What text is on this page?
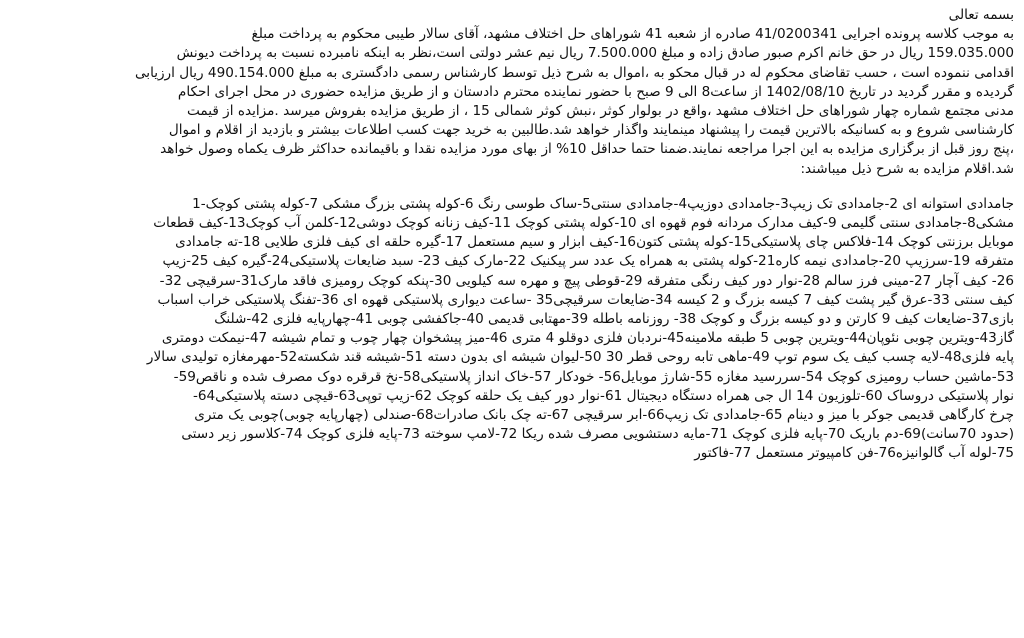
بسمه تعالی
به موجب کلاسه پرونده اجرایی 41/0200341 صادره از شعبه 41 شوراهای حل اختلاف مشهد، آقای سالار طیبی محکوم به پرداخت مبلغ
159.035.000 ریال در حق خانم اکرم صبور صادق زاده و مبلغ 7.500.000 ریال نیم عشر دولتی است،نظر به اینکه نامبرده نسبت به پرداخت دیونش
اقدامی ننموده است ، حسب تقاضای محکوم له در قبال محکو به ،اموال به شرح ذیل توسط کارشناس رسمی دادگستری به مبلغ 490.154.000 ریال ارزیابی
گردیده و مقرر گردید در تاریخ 1402/08/10 از ساعت8 الی 9 صبح با حضور نماینده محترم دادستان و از طریق مزایده حضوری در محل اجرای احکام
مدنی مجتمع شماره چهار شوراهای حل اختلاف مشهد ،واقع در بولوار کوثر ،نبش کوثر شمالی 15 ، از طریق مزایده بفروش میرسد .مزایده از قیمت
کارشناسی شروع و به کسانیکه بالاترین قیمت را پیشنهاد مینمایند واگذار خواهد شد.طالبین به خرید جهت کسب اطلاعات بیشتر و بازدید از اقلام و اموال
،پنج روز قبل از برگزاری مزایده به این اجرا مراجعه نمایند.ضمنا حتما حداقل 10% از بهای مورد مزایده نقدا و باقیمانده حداکثر ظرف یکماه وصول خواهد
شد.اقلام مزایده به شرح ذیل میباشند:
جامدادی استوانه ای 2-جامدادی تک زیپ3-جامدادی دوزیپ4-جامدادی سنتی5-ساک طوسی رنگ 6-کوله پشتی بزرگ مشکی 7-کوله پشتی کوچک-1
مشکی8-جامدادی سنتی گلیمی 9-کیف مدارک مردانه فوم قهوه ای 10-کوله پشتی کوچک 11-کیف زنانه کوچک دوشی12-کلمن آب کوچک13-کیف قطعات
موبایل برزنتی کوچک 14-فلاکس چای پلاستیکی15-کوله پشتی کتون16-کیف ابزار و سیم مستعمل 17-گیره حلقه ای کیف فلزی طلایی 18-ته جامدادی
متفرقه 19-سرزیپ 20-جامدادی نیمه کاره21-کوله پشتی به همراه یک عدد سر پیکنیک 22-مارک کیف 23- سبد ضایعات پلاستیکی24-گیره کیف 25-زیپ
26- کیف آچار 27-مینی فرز سالم 28-نوار دور کیف رنگی متفرقه 29-قوطی پیچ و مهره سه کیلویی 30-پنکه کوچک رومیزی فاقد مارک31-سرقیچی 32-
کیف سنتی 33-عرق گیر پشت کیف 7 کیسه بزرگ و 2 کیسه 34-ضایعات سرقیچی35 -ساعت دیواری پلاستیکی قهوه ای 36-تفنگ پلاستیکی خراب اسباب
بازی37-ضایعات کیف 9 کارتن و دو کیسه بزرگ و کوچک 38- روزنامه باطله 39-مهتابی قدیمی 40-جاکفشی چوبی 41-چهارپایه فلزی 42-شلنگ
گاز43-ویترین چوبی نئوپان44-ویترین چوبی 5 طبقه ملامینه45-نردبان فلزی دوقلو 4 متری 46-میز پیشخوان چهار چوب و تمام شیشه 47-نیمکت دومتری
پایه فلزی48-لایه چسب کیف یک سوم توپ 49-ماهی تابه روحی قطر 30 50-لیوان شیشه ای بدون دسته 51-شیشه قند شکسته52-مهرمغازه تولیدی سالار
53-ماشین حساب رومیزی کوچک 54-سررسید مغازه 55-شارژ موبایل56- خودکار 57-خاک انداز پلاستیکی58-نخ قرقره دوک مصرف شده و ناقص59-
نوار پلاستیکی دروساک 60-تلوزیون 14 ال جی همراه دستگاه دیجیتال 61-نوار دور کیف یک حلقه کوچک 62-زیپ توپی63-قیچی دسته پلاستیکی64-
چرخ کارگاهی قدیمی جوکر با میز و دینام 65-جامدادی تک زیپ66-ابر سرقیچی 67-ته چک بانک صادرات68-صندلی (چهارپایه چوبی)چوبی یک متری
(حدود 70سانت)69-دم باریک 70-پایه فلزی کوچک 71-مایه دستشویی مصرف شده ریکا 72-لامپ سوخته 73-پایه فلزی کوچک 74-کلاسور زیر دستی
75-لوله آب گالوانیزه76-فن کامپیوتر مستعمل 77-فاکتور
